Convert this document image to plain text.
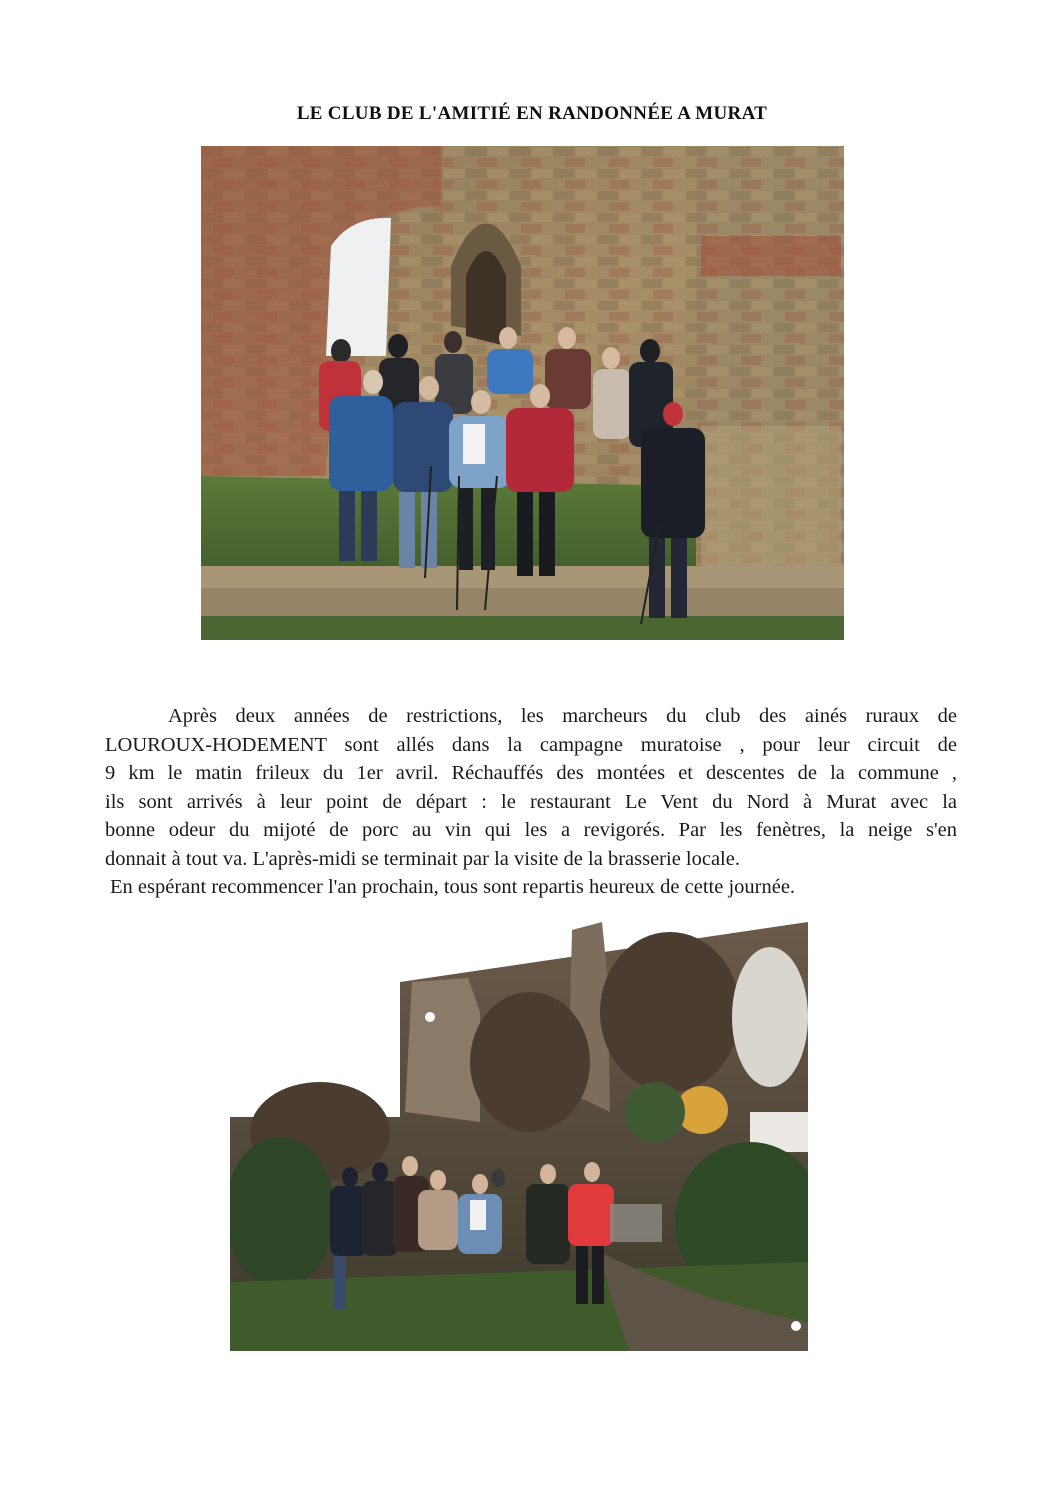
LE CLUB DE L'AMITIÉ EN RANDONNÉE A MURAT
Après deux années de restrictions, les marcheurs du club des ainés ruraux de
LOUROUX-HODEMENT sont allés dans la campagne muratoise , pour leur circuit de
9 km le matin frileux du 1er avril. Réchauffés des montées et descentes de la commune ,
ils sont arrivés à leur point de départ : le restaurant Le Vent du Nord à Murat avec la
bonne odeur du mijoté de porc au vin qui les a revigorés. Par les fenètres, la neige s'en
donnait à tout va. L'après-midi se terminait par la visite de la brasserie locale.
En espérant recommencer l'an prochain, tous sont repartis heureux de cette journée.
